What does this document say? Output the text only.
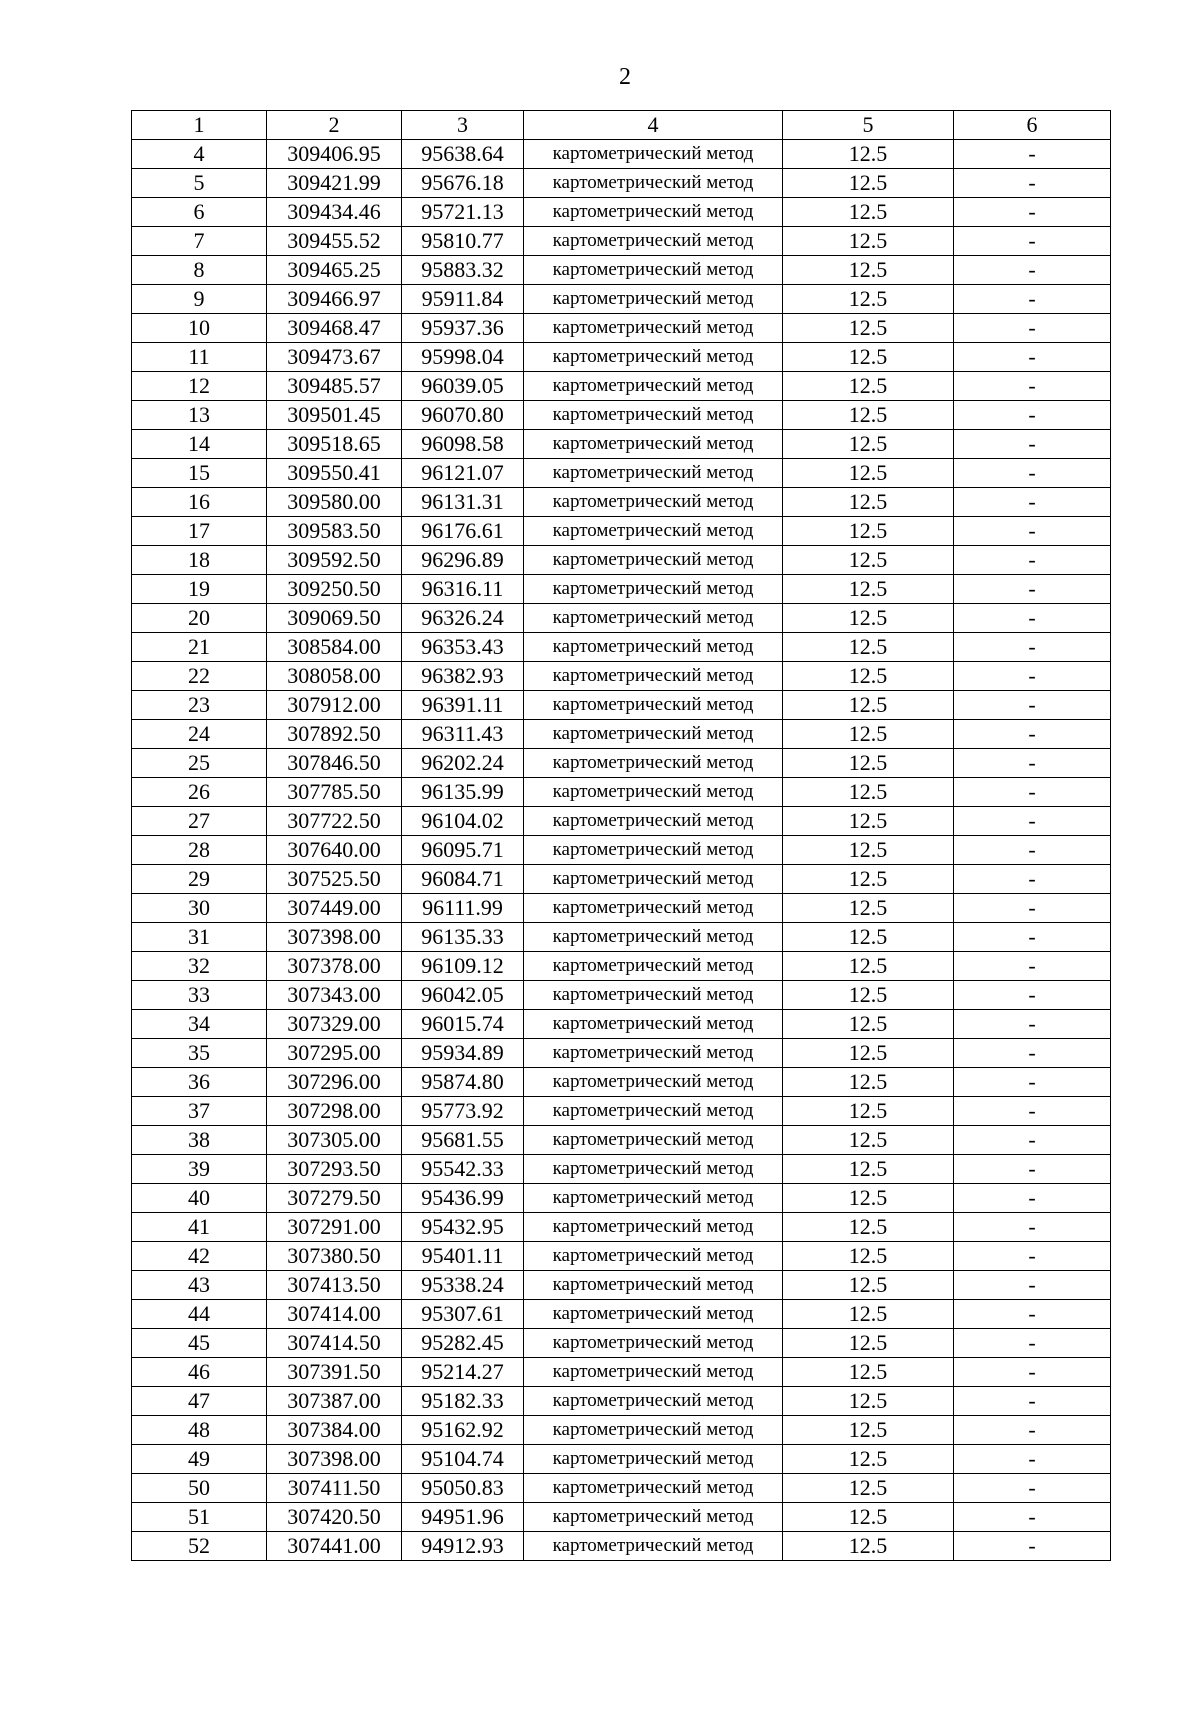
2
1	2	3	4	5	6
4	309406.95	95638.64	картометрический метод	12.5	-
5	309421.99	95676.18	картометрический метод	12.5	-
6	309434.46	95721.13	картометрический метод	12.5	-
7	309455.52	95810.77	картометрический метод	12.5	-
8	309465.25	95883.32	картометрический метод	12.5	-
9	309466.97	95911.84	картометрический метод	12.5	-
10	309468.47	95937.36	картометрический метод	12.5	-
11	309473.67	95998.04	картометрический метод	12.5	-
12	309485.57	96039.05	картометрический метод	12.5	-
13	309501.45	96070.80	картометрический метод	12.5	-
14	309518.65	96098.58	картометрический метод	12.5	-
15	309550.41	96121.07	картометрический метод	12.5	-
16	309580.00	96131.31	картометрический метод	12.5	-
17	309583.50	96176.61	картометрический метод	12.5	-
18	309592.50	96296.89	картометрический метод	12.5	-
19	309250.50	96316.11	картометрический метод	12.5	-
20	309069.50	96326.24	картометрический метод	12.5	-
21	308584.00	96353.43	картометрический метод	12.5	-
22	308058.00	96382.93	картометрический метод	12.5	-
23	307912.00	96391.11	картометрический метод	12.5	-
24	307892.50	96311.43	картометрический метод	12.5	-
25	307846.50	96202.24	картометрический метод	12.5	-
26	307785.50	96135.99	картометрический метод	12.5	-
27	307722.50	96104.02	картометрический метод	12.5	-
28	307640.00	96095.71	картометрический метод	12.5	-
29	307525.50	96084.71	картометрический метод	12.5	-
30	307449.00	96111.99	картометрический метод	12.5	-
31	307398.00	96135.33	картометрический метод	12.5	-
32	307378.00	96109.12	картометрический метод	12.5	-
33	307343.00	96042.05	картометрический метод	12.5	-
34	307329.00	96015.74	картометрический метод	12.5	-
35	307295.00	95934.89	картометрический метод	12.5	-
36	307296.00	95874.80	картометрический метод	12.5	-
37	307298.00	95773.92	картометрический метод	12.5	-
38	307305.00	95681.55	картометрический метод	12.5	-
39	307293.50	95542.33	картометрический метод	12.5	-
40	307279.50	95436.99	картометрический метод	12.5	-
41	307291.00	95432.95	картометрический метод	12.5	-
42	307380.50	95401.11	картометрический метод	12.5	-
43	307413.50	95338.24	картометрический метод	12.5	-
44	307414.00	95307.61	картометрический метод	12.5	-
45	307414.50	95282.45	картометрический метод	12.5	-
46	307391.50	95214.27	картометрический метод	12.5	-
47	307387.00	95182.33	картометрический метод	12.5	-
48	307384.00	95162.92	картометрический метод	12.5	-
49	307398.00	95104.74	картометрический метод	12.5	-
50	307411.50	95050.83	картометрический метод	12.5	-
51	307420.50	94951.96	картометрический метод	12.5	-
52	307441.00	94912.93	картометрический метод	12.5	-
